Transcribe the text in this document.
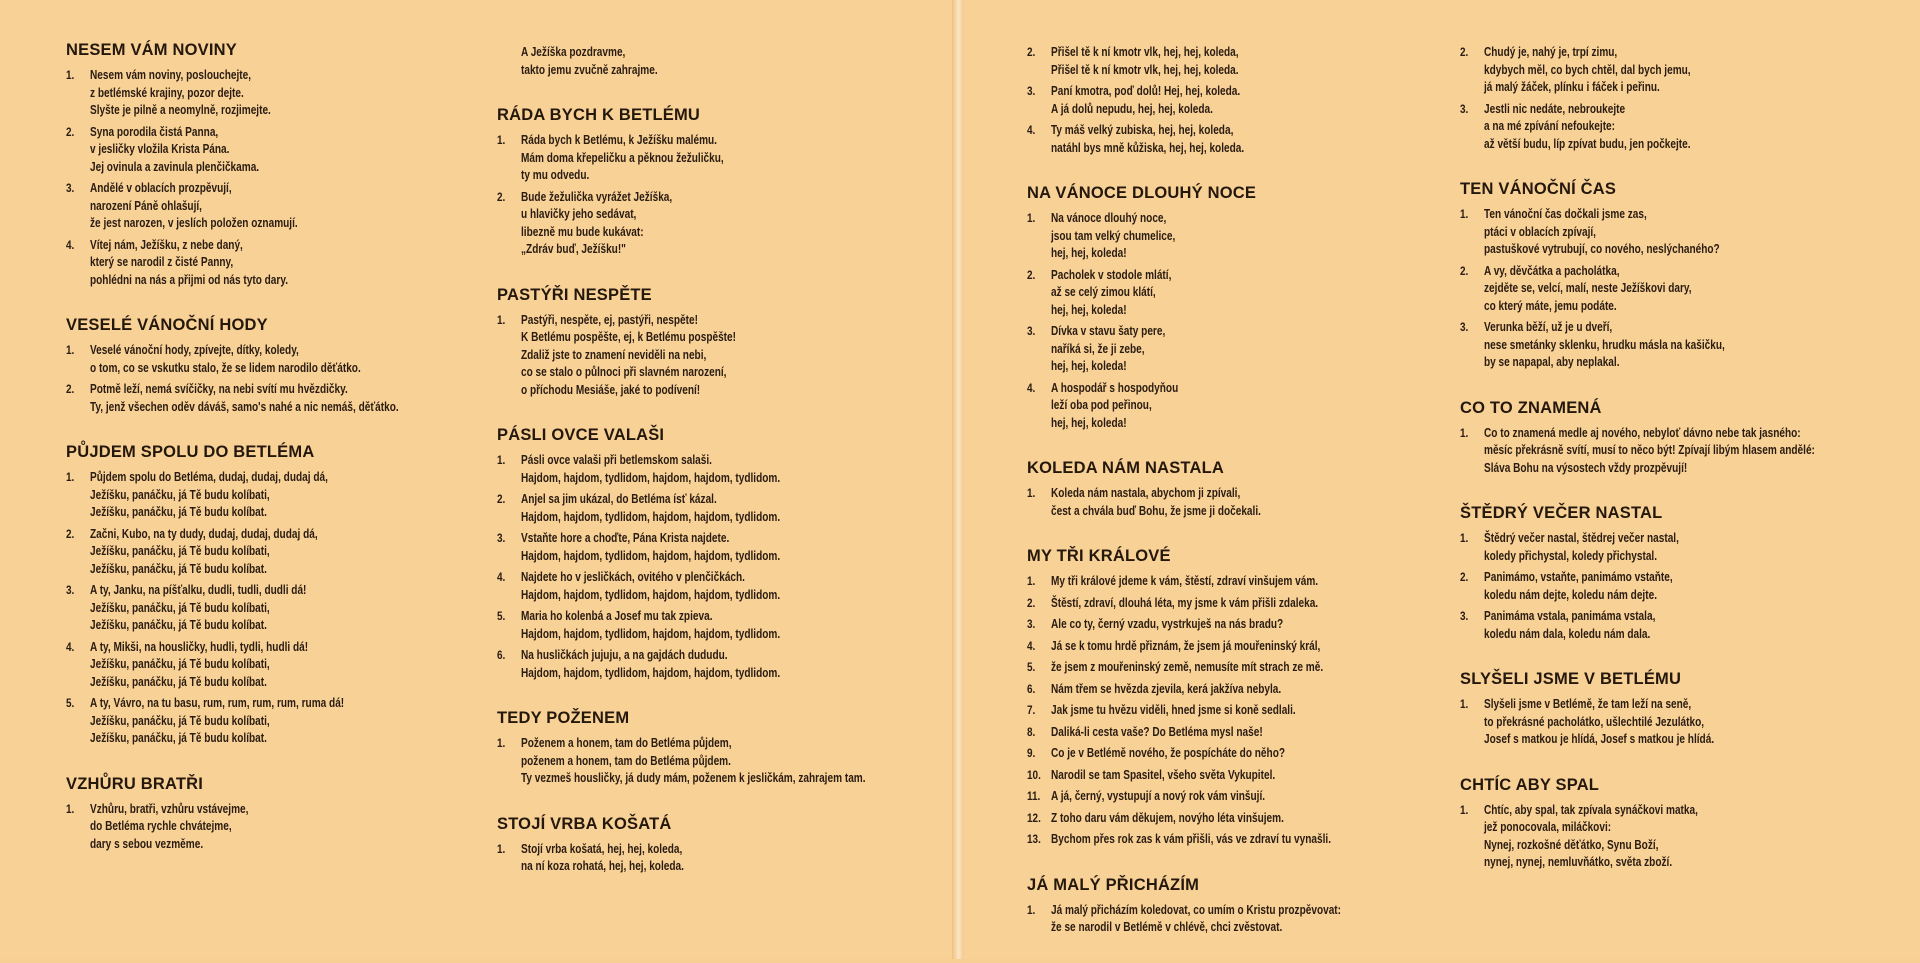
NESEM VÁM NOVINY
1.	Nesem vám noviny, poslouchejte,
z betlémské krajiny, pozor dejte.
Slyšte je pilně a neomylně, rozjimejte.
2.	Syna porodila čistá Panna,
v jesličky vložila Krista Pána.
Jej ovinula a zavinula plenčičkama.
3.	Andělé v oblacích prozpěvují,
narození Páně ohlašují,
že jest narozen, v jeslích položen oznamují.
4.	Vítej nám, Ježíšku, z nebe daný,
který se narodil z čisté Panny,
pohlédni na nás a přijmi od nás tyto dary.
VESELÉ VÁNOČNÍ HODY
1.	Veselé vánoční hody, zpívejte, dítky, koledy,
o tom, co se vskutku stalo, že se lidem narodilo děťátko.
2.	Potmě leží, nemá svíčičky, na nebi svítí mu hvězdičky.
Ty, jenž všechen oděv dáváš, samo's nahé a nic nemáš, děťátko.
PŮJDEM SPOLU DO BETLÉMA
1.	Půjdem spolu do Betléma, dudaj, dudaj, dudaj dá,
Ježíšku, panáčku, já Tě budu kolíbati,
Ježíšku, panáčku, já Tě budu kolíbat.
2.	Začni, Kubo, na ty dudy, dudaj, dudaj, dudaj dá,
Ježíšku, panáčku, já Tě budu kolíbati,
Ježíšku, panáčku, já Tě budu kolíbat.
3.	A ty, Janku, na píšťalku, dudli, tudli, dudli dá!
Ježíšku, panáčku, já Tě budu kolíbati,
Ježíšku, panáčku, já Tě budu kolíbat.
4.	A ty, Mikši, na housličky, hudli, tydli, hudli dá!
Ježíšku, panáčku, já Tě budu kolíbati,
Ježíšku, panáčku, já Tě budu kolíbat.
5.	A ty, Vávro, na tu basu, rum, rum, rum, rum, ruma dá!
Ježíšku, panáčku, já Tě budu kolíbati,
Ježíšku, panáčku, já Tě budu kolíbat.
VZHŮRU BRATŘI
1.	Vzhůru, bratři, vzhůru vstávejme,
do Betléma rychle chvátejme,
dary s sebou vezměme.
A Ježíška pozdravme,
takto jemu zvučně zahrajme.
RÁDA BYCH K BETLÉMU
1.	Ráda bych k Betlému, k Ježíšku malému.
Mám doma křepeličku a pěknou žežuličku,
ty mu odvedu.
2.	Bude žežulička vyrážet Ježíška,
u hlavičky jeho sedávat,
libezně mu bude kukávat:
„Zdráv buď, Ježíšku!"
PASTÝŘI NESPĚTE
1.	Pastýři, nespěte, ej, pastýři, nespěte!
K Betlému pospěšte, ej, k Betlému pospěšte!
Zdaliž jste to znamení neviděli na nebi,
co se stalo o půlnoci při slavném narození,
o příchodu Mesiáše, jaké to podívení!
PÁSLI OVCE VALAŠI
1.	Pásli ovce valaši při betlemskom salaši.
Hajdom, hajdom, tydlidom, hajdom, hajdom, tydlidom.
2.	Anjel sa jim ukázal, do Betléma ísť kázal.
Hajdom, hajdom, tydlidom, hajdom, hajdom, tydlidom.
3.	Vstaňte hore a choďte, Pána Krista najdete.
Hajdom, hajdom, tydlidom, hajdom, hajdom, tydlidom.
4.	Najdete ho v jesličkách, ovitého v plenčičkách.
Hajdom, hajdom, tydlidom, hajdom, hajdom, tydlidom.
5.	Maria ho kolenbá a Josef mu tak zpieva.
Hajdom, hajdom, tydlidom, hajdom, hajdom, tydlidom.
6.	Na husličkách jujuju, a na gajdách dududu.
Hajdom, hajdom, tydlidom, hajdom, hajdom, tydlidom.
TEDY POŽENEM
1.	Poženem a honem, tam do Betléma půjdem,
poženem a honem, tam do Betléma půjdem.
Ty vezmeš housličky, já dudy mám, poženem k jesličkám, zahrajem tam.
STOJÍ VRBA KOŠATÁ
1.	Stojí vrba košatá, hej, hej, koleda,
na ní koza rohatá, hej, hej, koleda.
2.	Přišel tě k ní kmotr vlk, hej, hej, koleda,
Přišel tě k ní kmotr vlk, hej, hej, koleda.
3.	Paní kmotra, poď dolů! Hej, hej, koleda.
A já dolů nepudu, hej, hej, koleda.
4.	Ty máš velký zubiska, hej, hej, koleda,
natáhl bys mně kůžiska, hej, hej, koleda.
NA VÁNOCE DLOUHÝ NOCE
1.	Na vánoce dlouhý noce,
jsou tam velký chumelice,
hej, hej, koleda!
2.	Pacholek v stodole mlátí,
až se celý zimou klátí,
hej, hej, koleda!
3.	Dívka v stavu šaty pere,
naříká si, že ji zebe,
hej, hej, koleda!
4.	A hospodář s hospodyňou
leží oba pod peřinou,
hej, hej, koleda!
KOLEDA NÁM NASTALA
1.	Koleda nám nastala, abychom ji zpívali,
čest a chvála buď Bohu, že jsme ji dočekali.
MY TŘI KRÁLOVÉ
1.	My tři králové jdeme k vám, štěstí, zdraví vinšujem vám.
2.	Štěstí, zdraví, dlouhá léta, my jsme k vám přišli zdaleka.
3.	Ale co ty, černý vzadu, vystrkuješ na nás bradu?
4.	Já se k tomu hrdě přiznám, že jsem já mouřeninský král,
5.	že jsem z mouřeninský země, nemusíte mít strach ze mě.
6.	Nám třem se hvězda zjevila, kerá jakžíva nebyla.
7.	Jak jsme tu hvězu viděli, hned jsme si koně sedlali.
8.	Daliká-li cesta vaše? Do Betléma mysl naše!
9.	Co je v Betlémě nového, že pospícháte do něho?
10. Narodil se tam Spasitel, všeho světa Vykupitel.
11. A já, černý, vystupují a nový rok vám vinšují.
12. Z toho daru vám děkujem, novýho léta vinšujem.
13. Bychom přes rok zas k vám přišli, vás ve zdraví tu vynašli.
JÁ MALÝ PŘICHÁZÍM
1.	Já malý přicházím koledovat, co umím o Kristu prozpěvovat:
že se narodil v Betlémě v chlévě, chci zvěstovat.
2.	Chudý je, nahý je, trpí zimu,
kdybych měl, co bych chtěl, dal bych jemu,
já malý žáček, plínku i fáček i peřinu.
3.	Jestli nic nedáte, nebroukejte
a na mé zpívání nefoukejte:
až větší budu, líp zpívat budu, jen počkejte.
TEN VÁNOČNÍ ČAS
1.	Ten vánoční čas dočkali jsme zas,
ptáci v oblacích zpívají,
pastuškové vytrubují, co nového, neslýchaného?
2.	A vy, děvčátka a pacholátka,
zejděte se, velcí, malí, neste Ježíškovi dary,
co který máte, jemu podáte.
3.	Verunka běží, už je u dveří,
nese smetánky sklenku, hrudku másla na kašičku,
by se napapal, aby neplakal.
CO TO ZNAMENÁ
1.	Co to znamená medle aj nového, nebyloť dávno nebe tak jasného:
měsíc překrásně svítí, musí to něco být! Zpívají libým hlasem andělé:
Sláva Bohu na výsostech vždy prozpěvují!
ŠTĚDRÝ VEČER NASTAL
1.	Štědrý večer nastal, štědrej večer nastal,
koledy přichystal, koledy přichystal.
2.	Panimámo, vstaňte, panimámo vstaňte,
koledu nám dejte, koledu nám dejte.
3.	Panimáma vstala, panimáma vstala,
koledu nám dala, koledu nám dala.
SLYŠELI JSME V BETLÉMU
1.	Slyšeli jsme v Betlémě, že tam leží na seně,
to překrásné pacholátko, ušlechtilé Jezulátko,
Josef s matkou je hlídá, Josef s matkou je hlídá.
CHTÍC ABY SPAL
1.	Chtíc, aby spal, tak zpívala synáčkovi matka,
jež ponocovala, miláčkovi:
Nynej, rozkošné děťátko, Synu Boží,
nynej, nynej, nemluvňátko, světa zboží.
